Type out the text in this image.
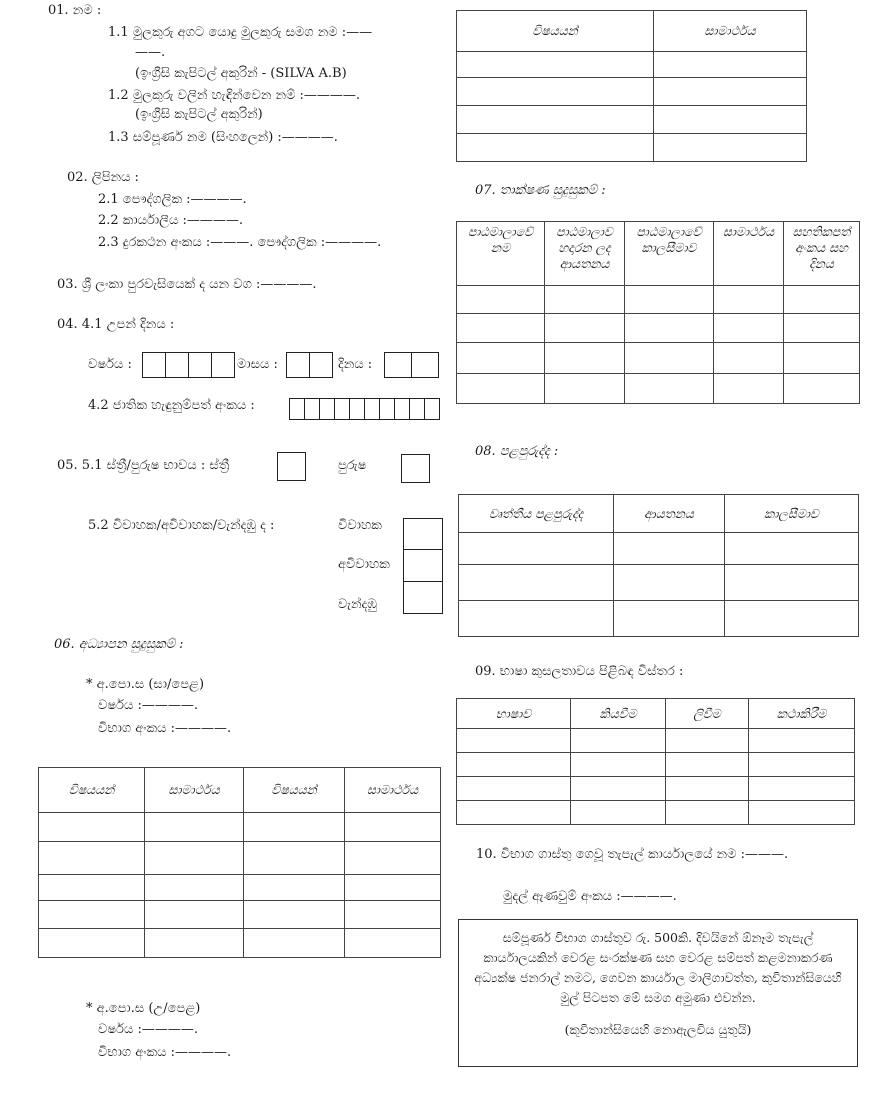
01. නම :
1.1 මුලකුරු අගට යොදු මුලකුරු සමග නම :——
——.
(ඉංග්‍රීසි කැපිටල් අකුරින් - (SILVA A.B)
1.2 මුලකුරු වලින් හැඳින්වෙන නම් :————.
(ඉංග්‍රීසි කැපිටල් අකුරින්)
1.3 සම්පූර්ණ නම (සිංහලෙන්) :————.
02. ලිපිනය :
2.1 පෞද්ගලික :————.
2.2 කාර්යාලීය :————.
2.3 දුරකථන අංකය :———. පෞද්ගලික :————.
03. ශ්‍රී ලංකා පුරවැසියෙක් ද යන වග :————.
04. 4.1 උපන් දිනය :
වර්ෂය :	මාසය :	දිනය :
4.2 ජාතික හැඳුනුම්පත් අංකය :
05. 5.1 ස්ත්‍රී/පුරුෂ භාවය : ස්ත්‍රී	පුරුෂ
5.2 විවාහක/අවිවාහක/වැන්දඹු ද :	විවාහක
අවිවාහක
වැන්දඹු
06. අධ්‍යාපන සුදුසුකම් :
* අ.පො.ස (සා/පෙළ)
වර්ෂය :————.
විභාග අංකය :————.
විෂයයන්	සාමාර්ථය	විෂයයන්	සාමාර්ථය

* අ.පො.ස (උ/පෙළ)
වර්ෂය :————.
විභාග අංකය :————.
විෂයයන්	සාමාර්ථය

07. තාක්ෂණ සුදුසුකම් :
පාඨමාලාවේ නම	පාඨමාලාව හදාරන ලද ආයතනය	පාඨමාලාවේ කාලසීමාව	සාමාර්ථය	සහතිකපත් අංකය සහ දිනය

08. පළපුරුද්ද :
වෘත්තීය පළපුරුද්ද	ආයතනය	කාලසීමාව

09. භාෂා කුසලතාවය පිළිබඳ විස්තර :
භාෂාව	කියවීම	ලිවීම	කථාකිරීම

10. විභාග ගාස්තු ගෙවූ තැපැල් කාර්යාලයේ නම :———.
මුදල් ඇණවුම් අංකය :————.

සම්පූර්ණ විභාග ගාස්තුව රු. 500කි. දිවයිනේ ඕනෑම තැපැල් කාර්යාලයකින් වෙරළ සංරක්ෂණ සහ වෙරළ සම්පත් කළමනාකරණ අධ්‍යක්ෂ ජනරාල් නමට, ගෙවන කාර්යාල මාලිගාවත්ත, කුවිතාන්සියෙහි මුල් පිටපත මේ සමග අමුණා එවන්න.

(කුවිතාන්සියෙහි නොඇලවිය යුතුයි)
